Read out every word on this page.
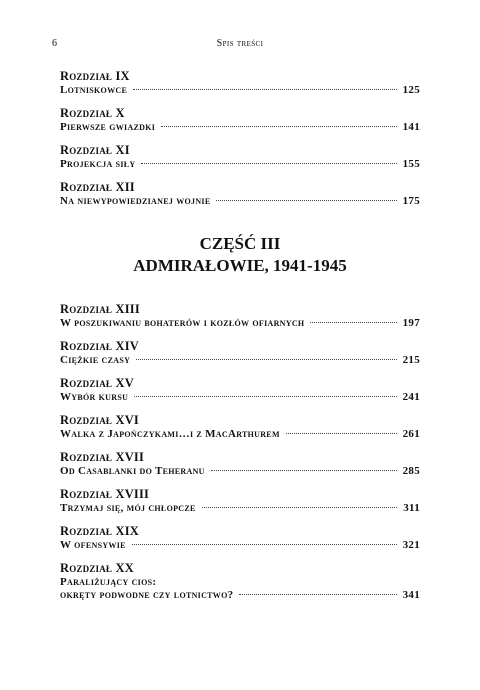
6	Spis treści
Rozdział IX
Lotniskowce	125
Rozdział X
Pierwsze gwiazdki	141
Rozdział XI
Projekcja siły	155
Rozdział XII
Na niewypowiedzianej wojnie	175
CZĘŚĆ III
ADMIRAŁOWIE, 1941-1945
Rozdział XIII
W poszukiwaniu bohaterów i kozłów ofiarnych	197
Rozdział XIV
Ciężkie czasy	215
Rozdział XV
Wybór kursu	241
Rozdział XVI
Walka z Japończykami…i z MacArthurem	261
Rozdział XVII
Od Casablanki do Teheranu	285
Rozdział XVIII
Trzymaj się, mój chłopcze	311
Rozdział XIX
W ofensywie	321
Rozdział XX
Paraliżujący cios:
okręty podwodne czy lotnictwo?	341
